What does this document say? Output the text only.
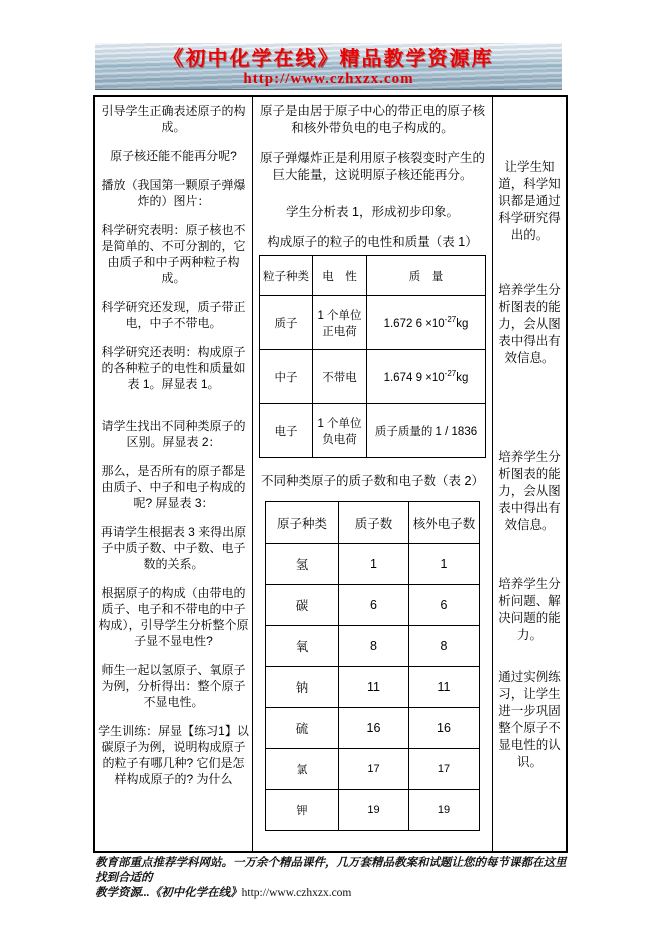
《初中化学在线》精品教学资源库
http://www.czhxzx.com

引导学生正确表述原子的构成。

原子核还能不能再分呢?

播放（我国第一颗原子弹爆炸的）图片：

科学研究表明：原子核也不是简单的、不可分割的，它由质子和中子两种粒子构成。

科学研究还发现，质子带正电，中子不带电。

科学研究还表明：构成原子的各种粒子的电性和质量如表 1。屏显表 1。

请学生找出不同种类原子的区别。屏显表 2：

那么，是否所有的原子都是由质子、中子和电子构成的呢? 屏显表 3：

再请学生根据表 3 来得出原子中质子数、中子数、电子数的关系。

根据原子的构成（由带电的质子、电子和不带电的中子构成），引导学生分析整个原子显不显电性?

师生一起以氢原子、氧原子为例，分析得出：整个原子不显电性。

学生训练：屏显【练习1】以碳原子为例，说明构成原子的粒子有哪几种? 它们是怎样构成原子的? 为什么

原子是由居于原子中心的带正电的原子核和核外带负电的电子构成的。

原子弹爆炸正是利用原子核裂变时产生的巨大能量，这说明原子核还能再分。

学生分析表 1，形成初步印象。

构成原子的粒子的电性和质量（表 1）

粒子种类	电　性	质　量
质子	1 个单位正电荷	1.672 $6 \times 10^{-27}kg$
中子	不带电	1.674 $9 \times 10^{-27}kg$
电子	1 个单位负电荷	质子质量的 1 / 1836

不同种类原子的质子数和电子数（表 2）

原子种类	质子数	核外电子数
氢	1	1
碳	6	6
氧	8	8
钠	11	11
硫	16	16
氯	17	17
钾	19	19

让学生知道，科学知识都是通过科学研究得出的。

培养学生分析图表的能力，会从图表中得出有效信息。

培养学生分析图表的能力，会从图表中得出有效信息。

培养学生分析问题、解决问题的能力。

通过实例练习，让学生进一步巩固整个原子不显电性的认识。

教育部重点推荐学科网站。一万余个精品课件，几万套精品教案和试题让您的每节课都在这里找到合适的
教学资源...《初中化学在线》http://www.czhxzx.com
